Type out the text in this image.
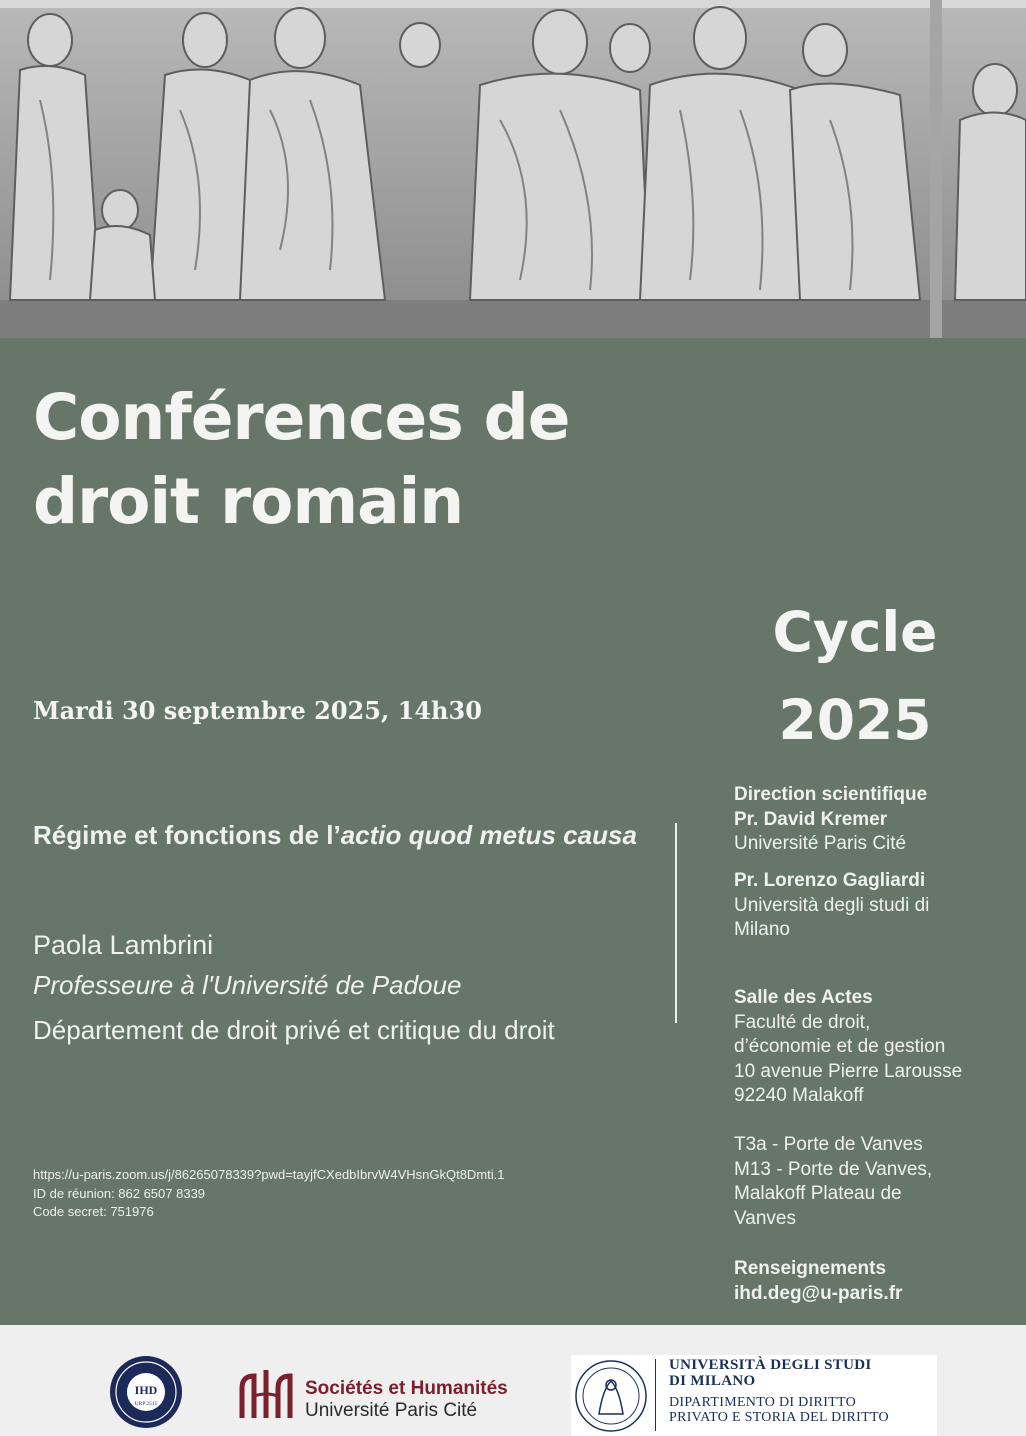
Conférences de
droit romain
Cycle
2025
Mardi 30 septembre 2025, 14h30

Régime et fonctions de l’actio quod metus causa

Paola Lambrini
Professeure à l'Université de Padoue

Département de droit privé et critique du droit

https://u-paris.zoom.us/j/86265078339?pwd=tayjfCXedbIbrvW4VHsnGkQt8Dmti.1
ID de réunion: 862 6507 8339
Code secret: 751976
Direction scientifique
Pr. David Kremer
Université Paris Cité
Pr. Lorenzo Gagliardi
Università degli studi di
Milano
Salle des Actes
Faculté de droit,
d’économie et de gestion
10 avenue Pierre Larousse
92240 Malakoff
T3a - Porte de Vanves
M13 - Porte de Vanves,
Malakoff Plateau de
Vanves
Renseignements
ihd.deg@u-paris.fr
IHD
URP 2515
Sociétés et Humanités
Université Paris Cité
UNIVERSITÀ DEGLI STUDI
DI MILANO
DIPARTIMENTO DI DIRITTO
PRIVATO E STORIA DEL DIRITTO
